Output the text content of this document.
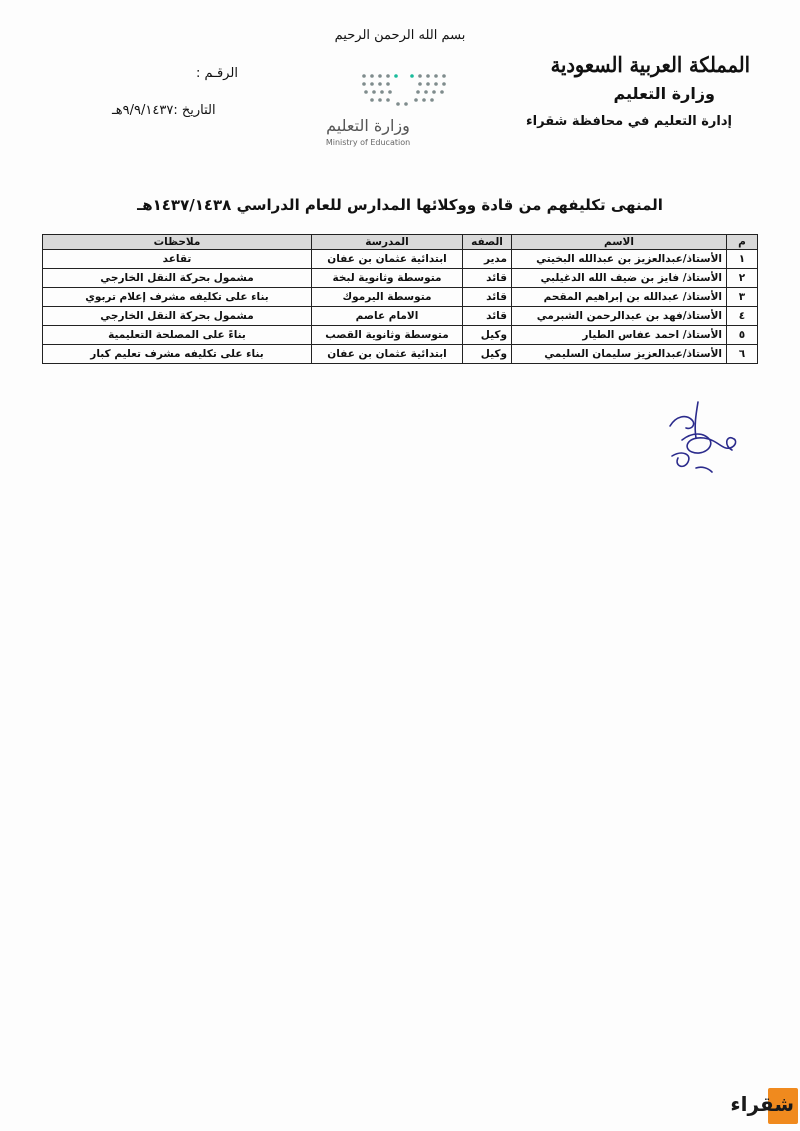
بسم الله الرحمن الرحيم
المملكة العربية السعودية
وزارة التعليم
إدارة التعليم في محافظة شقراء
وزارة التعليم
Ministry of Education
الرقـم :
التاريخ :٩/٩/١٤٣٧هـ
المنهى تكليفهم من قادة ووكلائها المدارس للعام الدراسي ١٤٣٧/١٤٣٨هـ
م	الاسم	الصفه	المدرسة	ملاحظات
١	الأستاذ/عبدالعزيز بن عبدالله البخيتي	مدير	ابتدائية عثمان بن عفان	تقاعد
٢	الأستاذ/ فايز بن ضيف الله الدغيلبي	قائد	متوسطة وثانوية لبخة	مشمول بحركة النقل الخارجي
٣	الأستاذ/ عبدالله بن إبراهيم المقحم	قائد	متوسطة اليرموك	بناء على تكليفه مشرف إعلام تربوي
٤	الأستاذ/فهد بن عبدالرحمن الشبرمي	قائد	الامام عاصم	مشمول بحركة النقل الخارجي
٥	الأستاذ/ احمد عفاس الطيار	وكيل	متوسطة وثانوية القصب	بناءً على المصلحة التعليمية
٦	الأستاذ/عبدالعزيز سليمان السليمي	وكيل	ابتدائية عثمان بن عفان	بناء على تكليفه مشرف تعليم كبار
شقراء
